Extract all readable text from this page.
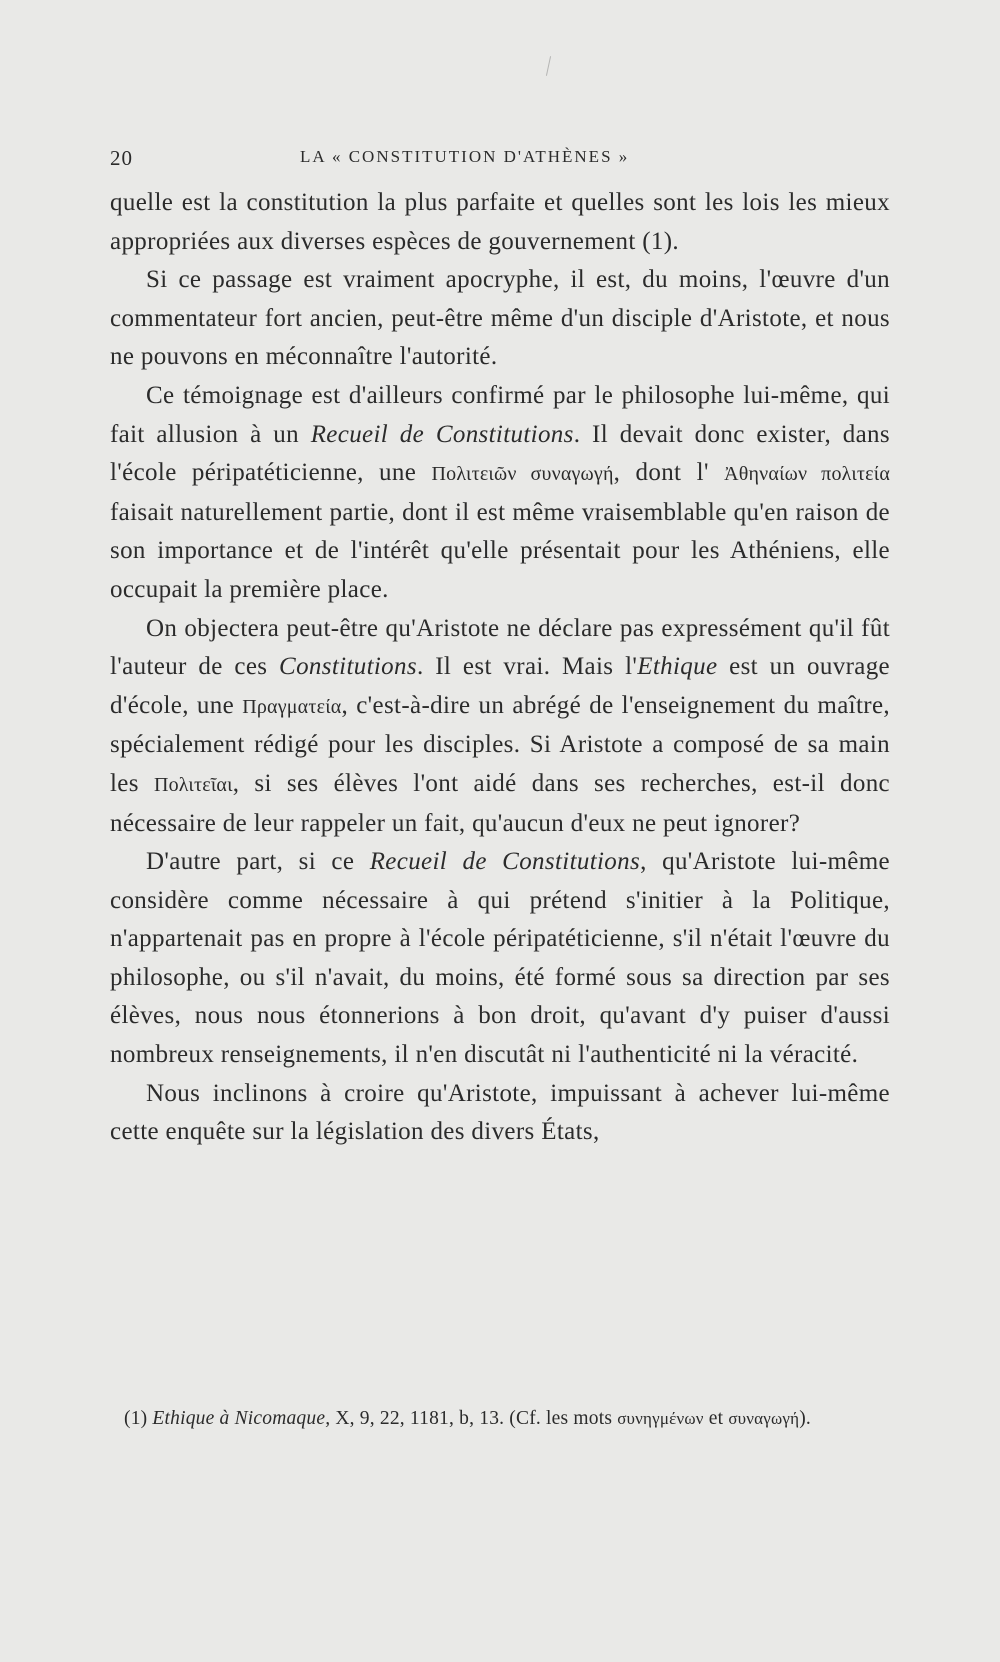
20	LA « CONSTITUTION D'ATHÈNES »

quelle est la constitution la plus parfaite et quelles sont les lois les mieux appropriées aux diverses espèces de gouvernement (1).

Si ce passage est vraiment apocryphe, il est, du moins, l'œuvre d'un commentateur fort ancien, peut-être même d'un disciple d'Aristote, et nous ne pouvons en méconnaître l'autorité.

Ce témoignage est d'ailleurs confirmé par le philosophe lui-même, qui fait allusion à un Recueil de Constitutions. Il devait donc exister, dans l'école péripatéticienne, une Πολιτειῶν συναγωγή, dont l' Ἀθηναίων πολιτεία faisait naturellement partie, dont il est même vraisemblable qu'en raison de son importance et de l'intérêt qu'elle présentait pour les Athéniens, elle occupait la première place.

On objectera peut-être qu'Aristote ne déclare pas expressément qu'il fût l'auteur de ces Constitutions. Il est vrai. Mais l'Ethique est un ouvrage d'école, une Πραγματεία, c'est-à-dire un abrégé de l'enseignement du maître, spécialement rédigé pour les disciples. Si Aristote a composé de sa main les Πολιτεῖαι, si ses élèves l'ont aidé dans ses recherches, est-il donc nécessaire de leur rappeler un fait, qu'aucun d'eux ne peut ignorer?

D'autre part, si ce Recueil de Constitutions, qu'Aristote lui-même considère comme nécessaire à qui prétend s'initier à la Politique, n'appartenait pas en propre à l'école péripatéticienne, s'il n'était l'œuvre du philosophe, ou s'il n'avait, du moins, été formé sous sa direction par ses élèves, nous nous étonnerions à bon droit, qu'avant d'y puiser d'aussi nombreux renseignements, il n'en discutât ni l'authenticité ni la véracité.

Nous inclinons à croire qu'Aristote, impuissant à achever lui-même cette enquête sur la législation des divers États,

(1) Ethique à Nicomaque, X, 9, 22, 1181, b, 13. (Cf. les mots συνηγμένων et συναγωγή).
